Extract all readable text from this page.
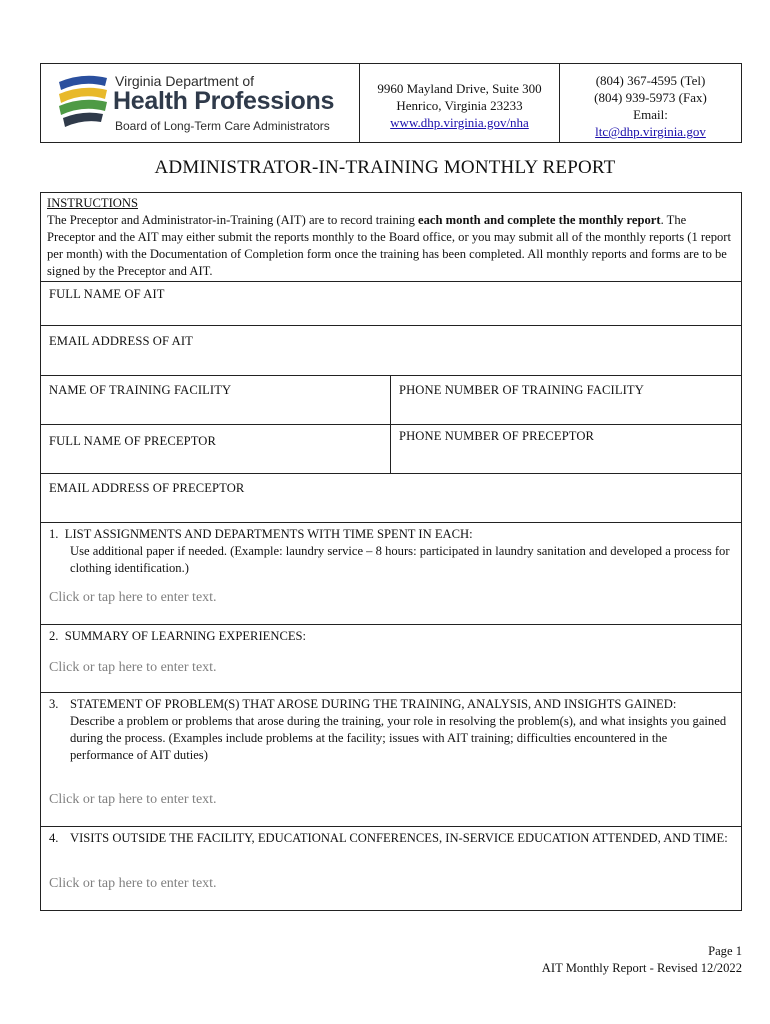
Virginia Department of
Health Professions
Board of Long-Term Care Administrators
9960 Mayland Drive, Suite 300
Henrico, Virginia 23233
www.dhp.virginia.gov/nha
(804) 367-4595 (Tel)
(804) 939-5973 (Fax)
Email:
ltc@dhp.virginia.gov
ADMINISTRATOR-IN-TRAINING MONTHLY REPORT
INSTRUCTIONS
The Preceptor and Administrator-in-Training (AIT) are to record training each month and complete the monthly report. The Preceptor and the AIT may either submit the reports monthly to the Board office, or you may submit all of the monthly reports (1 report per month) with the Documentation of Completion form once the training has been completed. All monthly reports and forms are to be signed by the Preceptor and AIT.
FULL NAME OF AIT
EMAIL ADDRESS OF AIT
NAME OF TRAINING FACILITY	PHONE NUMBER OF TRAINING FACILITY
FULL NAME OF PRECEPTOR	PHONE NUMBER OF PRECEPTOR
EMAIL ADDRESS OF PRECEPTOR
1. LIST ASSIGNMENTS AND DEPARTMENTS WITH TIME SPENT IN EACH:
Use additional paper if needed. (Example: laundry service – 8 hours: participated in laundry sanitation and developed a process for clothing identification.)
Click or tap here to enter text.
2. SUMMARY OF LEARNING EXPERIENCES:
Click or tap here to enter text.
3. STATEMENT OF PROBLEM(S) THAT AROSE DURING THE TRAINING, ANALYSIS, AND INSIGHTS GAINED:
Describe a problem or problems that arose during the training, your role in resolving the problem(s), and what insights you gained during the process. (Examples include problems at the facility; issues with AIT training; difficulties encountered in the performance of AIT duties)
Click or tap here to enter text.
4. VISITS OUTSIDE THE FACILITY, EDUCATIONAL CONFERENCES, IN-SERVICE EDUCATION ATTENDED, AND TIME:
Click or tap here to enter text.
Page 1
AIT Monthly Report - Revised 12/2022
